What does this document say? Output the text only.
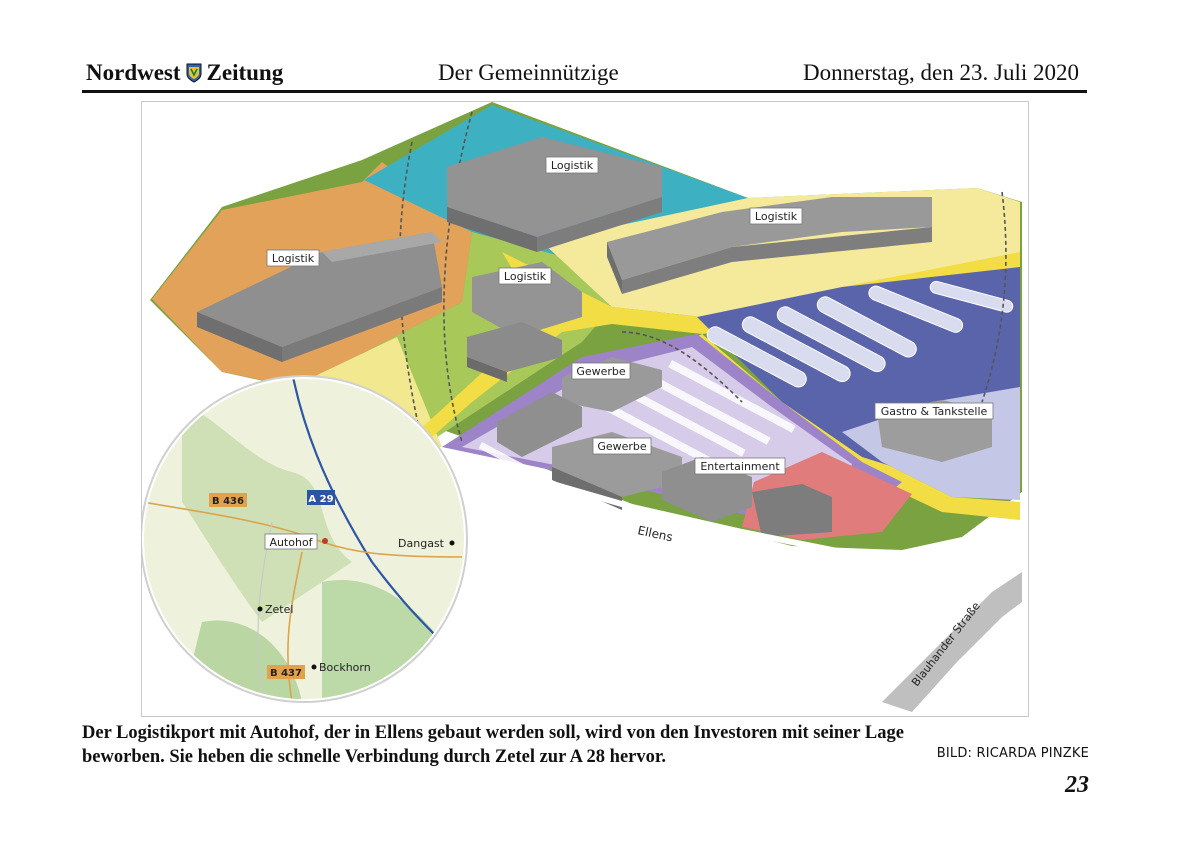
Nordwest Zeitung	Der Gemeinnützige	Donnerstag, den 23. Juli 2020
Logistik
Logistik
Logistik
Logistik
Gewerbe
Gewerbe
Entertainment
Gastro & Tankstelle
Ellens
Blauhander Straße
B 436	A 29
Autohof	Dangast
Zetel
B 437 Bockhorn
Der Logistikport mit Autohof, der in Ellens gebaut werden soll, wird von den Investoren mit seiner Lage
beworben. Sie heben die schnelle Verbindung durch Zetel zur A 28 hervor.	BILD: RICARDA PINZKE
23
